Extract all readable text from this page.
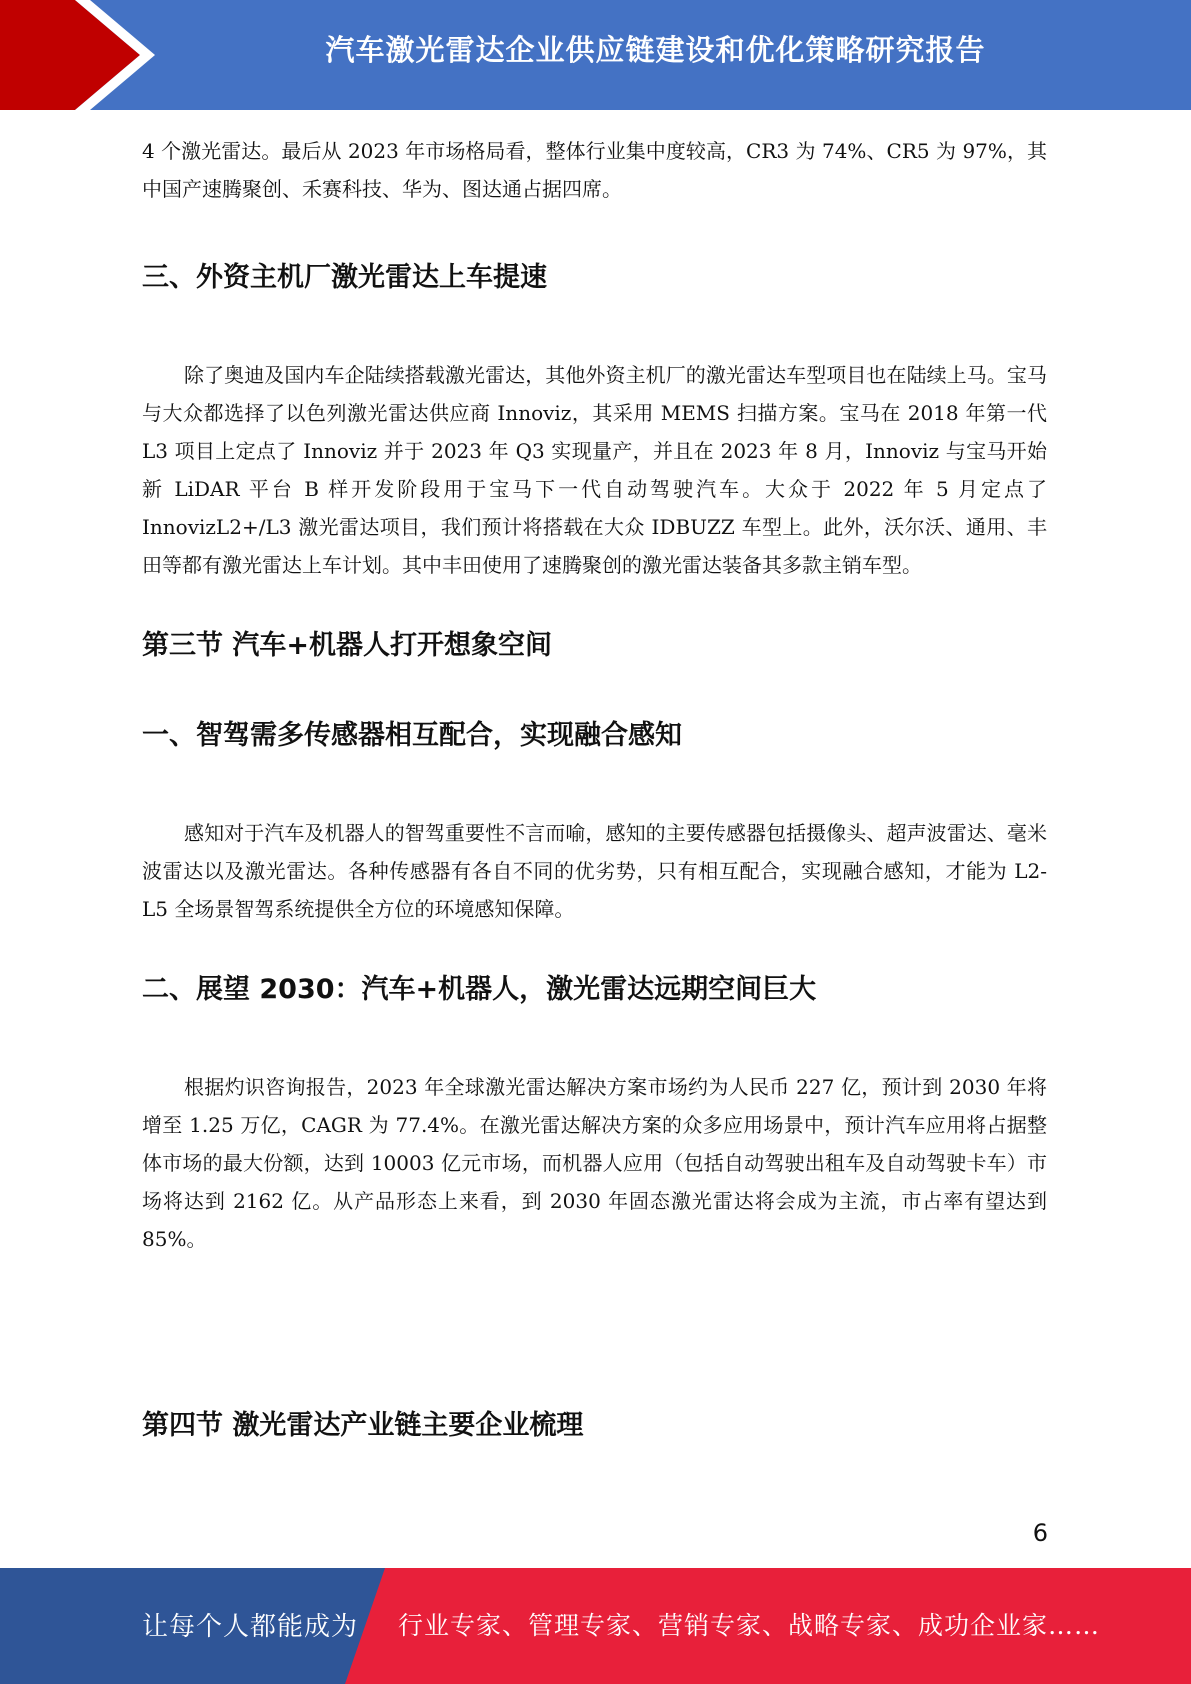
汽车激光雷达企业供应链建设和优化策略研究报告

4 个激光雷达。最后从 2023 年市场格局看，整体行业集中度较高，CR3 为 74%、CR5 为 97%，其中国产速腾聚创、禾赛科技、华为、图达通占据四席。

三、外资主机厂激光雷达上车提速

除了奥迪及国内车企陆续搭载激光雷达，其他外资主机厂的激光雷达车型项目也在陆续上马。宝马与大众都选择了以色列激光雷达供应商 Innoviz，其采用 MEMS 扫描方案。宝马在 2018 年第一代 L3 项目上定点了 Innoviz 并于 2023 年 Q3 实现量产，并且在 2023 年 8 月，Innoviz 与宝马开始新 LiDAR 平台 B 样开发阶段用于宝马下一代自动驾驶汽车。大众于 2022 年 5 月定点了 InnovizL2+/L3 激光雷达项目，我们预计将搭载在大众 IDBUZZ 车型上。此外，沃尔沃、通用、丰田等都有激光雷达上车计划。其中丰田使用了速腾聚创的激光雷达装备其多款主销车型。

第三节 汽车+机器人打开想象空间
一、智驾需多传感器相互配合，实现融合感知

感知对于汽车及机器人的智驾重要性不言而喻，感知的主要传感器包括摄像头、超声波雷达、毫米波雷达以及激光雷达。各种传感器有各自不同的优劣势，只有相互配合，实现融合感知，才能为 L2-L5 全场景智驾系统提供全方位的环境感知保障。

二、展望 2030：汽车+机器人，激光雷达远期空间巨大

根据灼识咨询报告，2023 年全球激光雷达解决方案市场约为人民币 227 亿，预计到 2030 年将增至 1.25 万亿，CAGR 为 77.4%。在激光雷达解决方案的众多应用场景中，预计汽车应用将占据整体市场的最大份额，达到 10003 亿元市场，而机器人应用（包括自动驾驶出租车及自动驾驶卡车）市场将达到 2162 亿。从产品形态上来看，到 2030 年固态激光雷达将会成为主流，市占率有望达到 85%。

第四节 激光雷达产业链主要企业梳理
6
让每个人都能成为 行业专家、管理专家、营销专家、战略专家、成功企业家……
